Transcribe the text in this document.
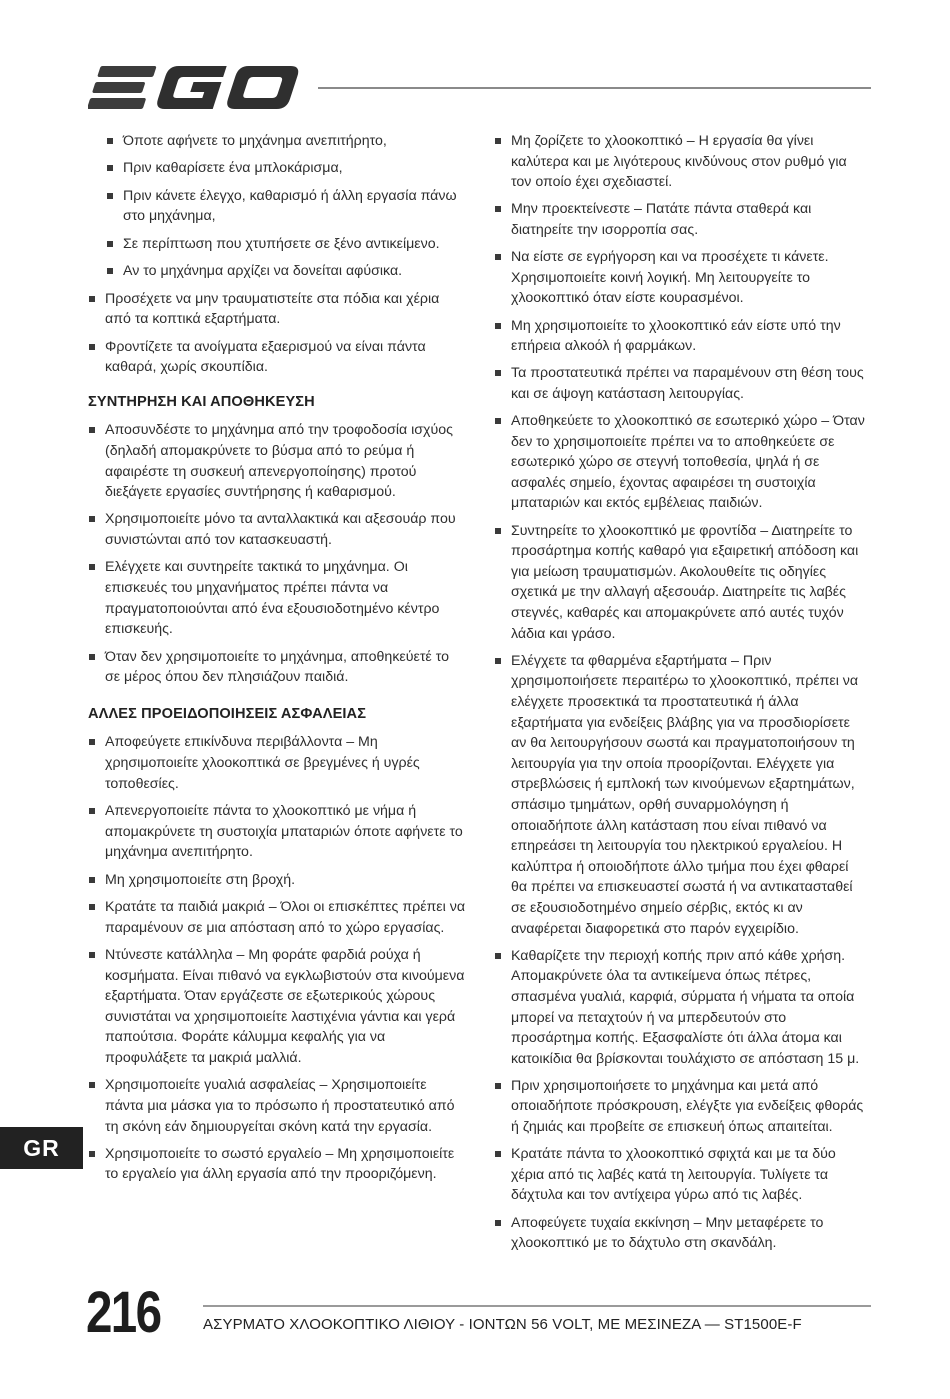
Όποτε αφήνετε το μηχάνημα ανεπιτήρητο,
Πριν καθαρίσετε ένα μπλοκάρισμα,
Πριν κάνετε έλεγχο, καθαρισμό ή άλλη εργασία πάνω στο μηχάνημα,
Σε περίπτωση που χτυπήσετε σε ξένο αντικείμενο.
Αν το μηχάνημα αρχίζει να δονείται αφύσικα.
Προσέχετε να μην τραυματιστείτε στα πόδια και χέρια από τα κοπτικά εξαρτήματα.
Φροντίζετε τα ανοίγματα εξαερισμού να είναι πάντα καθαρά, χωρίς σκουπίδια.
ΣΥΝΤΗΡΗΣΗ ΚΑΙ ΑΠΟΘΗΚΕΥΣΗ
Αποσυνδέστε το μηχάνημα από την τροφοδοσία ισχύος (δηλαδή απομακρύνετε το βύσμα από το ρεύμα ή αφαιρέστε τη συσκευή απενεργοποίησης) προτού διεξάγετε εργασίες συντήρησης ή καθαρισμού.
Χρησιμοποιείτε μόνο τα ανταλλακτικά και αξεσουάρ που συνιστώνται από τον κατασκευαστή.
Ελέγχετε και συντηρείτε τακτικά το μηχάνημα. Οι επισκευές του μηχανήματος πρέπει πάντα να πραγματοποιούνται από ένα εξουσιοδοτημένο κέντρο επισκευής.
Όταν δεν χρησιμοποιείτε το μηχάνημα, αποθηκεύετέ το σε μέρος όπου δεν πλησιάζουν παιδιά.
ΑΛΛΕΣ ΠΡΟΕΙΔΟΠΟΙΗΣΕΙΣ ΑΣΦΑΛΕΙΑΣ
Αποφεύγετε επικίνδυνα περιβάλλοντα – Μη χρησιμοποιείτε χλοοκοπτικά σε βρεγμένες ή υγρές τοποθεσίες.
Απενεργοποιείτε πάντα το χλοοκοπτικό με νήμα ή απομακρύνετε τη συστοιχία μπαταριών όποτε αφήνετε το μηχάνημα ανεπιτήρητο.
Μη χρησιμοποιείτε στη βροχή.
Κρατάτε τα παιδιά μακριά – Όλοι οι επισκέπτες πρέπει να παραμένουν σε μια απόσταση από το χώρο εργασίας.
Ντύνεστε κατάλληλα – Μη φοράτε φαρδιά ρούχα ή κοσμήματα. Είναι πιθανό να εγκλωβιστούν στα κινούμενα εξαρτήματα. Όταν εργάζεστε σε εξωτερικούς χώρους συνιστάται να χρησιμοποιείτε λαστιχένια γάντια και γερά παπούτσια. Φοράτε κάλυμμα κεφαλής για να προφυλάξετε τα μακριά μαλλιά.
Χρησιμοποιείτε γυαλιά ασφαλείας – Χρησιμοποιείτε πάντα μια μάσκα για το πρόσωπο ή προστατευτικό από τη σκόνη εάν δημιουργείται σκόνη κατά την εργασία.
Χρησιμοποιείτε το σωστό εργαλείο – Μη χρησιμοποιείτε το εργαλείο για άλλη εργασία από την προοριζόμενη.
Μη ζορίζετε το χλοοκοπτικό – Η εργασία θα γίνει καλύτερα και με λιγότερους κινδύνους στον ρυθμό για τον οποίο έχει σχεδιαστεί.
Μην προεκτείνεστε – Πατάτε πάντα σταθερά και διατηρείτε την ισορροπία σας.
Να είστε σε εγρήγορση και να προσέχετε τι κάνετε. Χρησιμοποιείτε κοινή λογική. Μη λειτουργείτε το χλοοκοπτικό όταν είστε κουρασμένοι.
Μη χρησιμοποιείτε το χλοοκοπτικό εάν είστε υπό την επήρεια αλκοόλ ή φαρμάκων.
Τα προστατευτικά πρέπει να παραμένουν στη θέση τους και σε άψογη κατάσταση λειτουργίας.
Αποθηκεύετε το χλοοκοπτικό σε εσωτερικό χώρο – Όταν δεν το χρησιμοποιείτε πρέπει να το αποθηκεύετε σε εσωτερικό χώρο σε στεγνή τοποθεσία, ψηλά ή σε ασφαλές σημείο, έχοντας αφαιρέσει τη συστοιχία μπαταριών και εκτός εμβέλειας παιδιών.
Συντηρείτε το χλοοκοπτικό με φροντίδα – Διατηρείτε το προσάρτημα κοπής καθαρό για εξαιρετική απόδοση και για μείωση τραυματισμών. Ακολουθείτε τις οδηγίες σχετικά με την αλλαγή αξεσουάρ. Διατηρείτε τις λαβές στεγνές, καθαρές και απομακρύνετε από αυτές τυχόν λάδια και γράσο.
Ελέγχετε τα φθαρμένα εξαρτήματα – Πριν χρησιμοποιήσετε περαιτέρω το χλοοκοπτικό, πρέπει να ελέγχετε προσεκτικά τα προστατευτικά ή άλλα εξαρτήματα για ενδείξεις βλάβης για να προσδιορίσετε αν θα λειτουργήσουν σωστά και πραγματοποιήσουν τη λειτουργία για την οποία προορίζονται. Ελέγχετε για στρεβλώσεις ή εμπλοκή των κινούμενων εξαρτημάτων, σπάσιμο τμημάτων, ορθή συναρμολόγηση ή οποιαδήποτε άλλη κατάσταση που είναι πιθανό να επηρεάσει τη λειτουργία του ηλεκτρικού εργαλείου. Η καλύπτρα ή οποιοδήποτε άλλο τμήμα που έχει φθαρεί θα πρέπει να επισκευαστεί σωστά ή να αντικατασταθεί σε εξουσιοδοτημένο σημείο σέρβις, εκτός κι αν αναφέρεται διαφορετικά στο παρόν εγχειρίδιο.
Καθαρίζετε την περιοχή κοπής πριν από κάθε χρήση. Απομακρύνετε όλα τα αντικείμενα όπως πέτρες, σπασμένα γυαλιά, καρφιά, σύρματα ή νήματα τα οποία μπορεί να πεταχτούν ή να μπερδευτούν στο προσάρτημα κοπής. Εξασφαλίστε ότι άλλα άτομα και κατοικίδια θα βρίσκονται τουλάχιστο σε απόσταση 15 μ.
Πριν χρησιμοποιήσετε το μηχάνημα και μετά από οποιαδήποτε πρόσκρουση, ελέγξτε για ενδείξεις φθοράς ή ζημιάς και προβείτε σε επισκευή όπως απαιτείται.
Κρατάτε πάντα το χλοοκοπτικό σφιχτά και με τα δύο χέρια από τις λαβές κατά τη λειτουργία. Τυλίγετε τα δάχτυλα και τον αντίχειρα γύρω από τις λαβές.
Αποφεύγετε τυχαία εκκίνηση – Μην μεταφέρετε το χλοοκοπτικό με το δάχτυλο στη σκανδάλη.
GR
216	ΑΣΥΡΜΑΤΟ ΧΛΟΟΚΟΠΤΙΚΟ ΛΙΘΙΟΥ - ΙΟΝΤΩΝ 56 VOLT, ΜΕ ΜΕΣΙΝΕΖΑ — ST1500E-F
